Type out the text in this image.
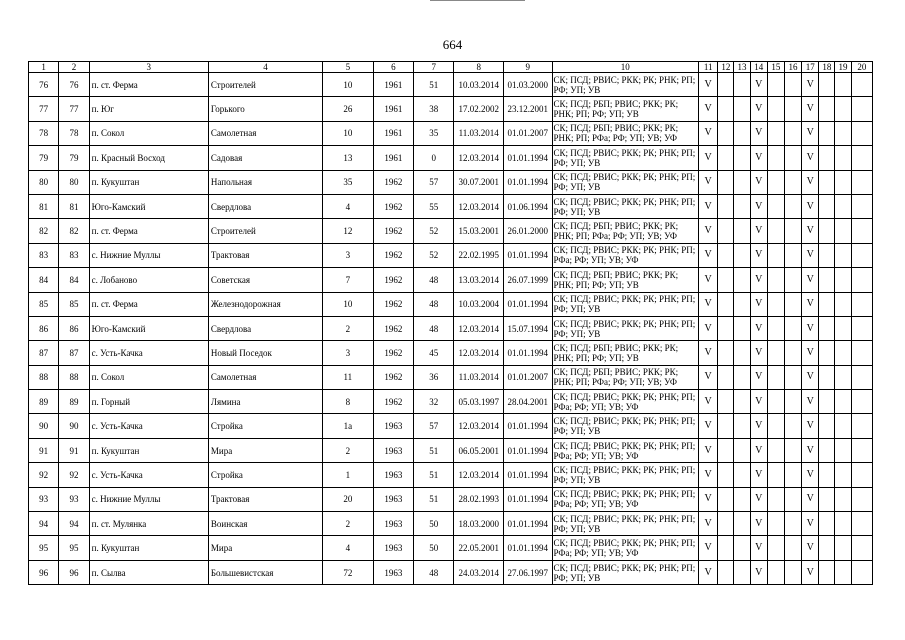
664
1	2	3	4	5	6	7	8	9	10	11	12	13	14	15	16	17	18	19	20
76	76	п. ст. Ферма	Строителей	10	1961	51	10.03.2014	01.03.2000	СК; ПСД; РВИС; РКК; РК; РНК; РП; РФ; УП; УВ	V			V			V			
77	77	п. Юг	Горького	26	1961	38	17.02.2002	23.12.2001	СК; ПСД; РБП; РВИС; РКК; РК; РНК; РП; РФ; УП; УВ	V			V			V			
78	78	п. Сокол	Самолетная	10	1961	35	11.03.2014	01.01.2007	СК; ПСД; РБП; РВИС; РКК; РК; РНК; РП; РФа; РФ; УП; УВ; УФ	V			V			V			
79	79	п. Красный Восход	Садовая	13	1961	0	12.03.2014	01.01.1994	СК; ПСД; РВИС; РКК; РК; РНК; РП; РФ; УП; УВ	V			V			V			
80	80	п. Кукуштан	Напольная	35	1962	57	30.07.2001	01.01.1994	СК; ПСД; РВИС; РКК; РК; РНК; РП; РФ; УП; УВ	V			V			V			
81	81	Юго-Камский	Свердлова	4	1962	55	12.03.2014	01.06.1994	СК; ПСД; РВИС; РКК; РК; РНК; РП; РФ; УП; УВ	V			V			V			
82	82	п. ст. Ферма	Строителей	12	1962	52	15.03.2001	26.01.2000	СК; ПСД; РБП; РВИС; РКК; РК; РНК; РП; РФа; РФ; УП; УВ; УФ	V			V			V			
83	83	с. Нижние Муллы	Трактовая	3	1962	52	22.02.1995	01.01.1994	СК; ПСД; РВИС; РКК; РК; РНК; РП; РФа; РФ; УП; УВ; УФ	V			V			V			
84	84	с. Лобаново	Советская	7	1962	48	13.03.2014	26.07.1999	СК; ПСД; РБП; РВИС; РКК; РК; РНК; РП; РФ; УП; УВ	V			V			V			
85	85	п. ст. Ферма	Железнодорожная	10	1962	48	10.03.2004	01.01.1994	СК; ПСД; РВИС; РКК; РК; РНК; РП; РФ; УП; УВ	V			V			V			
86	86	Юго-Камский	Свердлова	2	1962	48	12.03.2014	15.07.1994	СК; ПСД; РВИС; РКК; РК; РНК; РП; РФ; УП; УВ	V			V			V			
87	87	с. Усть-Качка	Новый Поседок	3	1962	45	12.03.2014	01.01.1994	СК; ПСД; РБП; РВИС; РКК; РК; РНК; РП; РФ; УП; УВ	V			V			V			
88	88	п. Сокол	Самолетная	11	1962	36	11.03.2014	01.01.2007	СК; ПСД; РБП; РВИС; РКК; РК; РНК; РП; РФа; РФ; УП; УВ; УФ	V			V			V			
89	89	п. Горный	Лямина	8	1962	32	05.03.1997	28.04.2001	СК; ПСД; РВИС; РКК; РК; РНК; РП; РФа; РФ; УП; УВ; УФ	V			V			V			
90	90	с. Усть-Качка	Стройка	1а	1963	57	12.03.2014	01.01.1994	СК; ПСД; РВИС; РКК; РК; РНК; РП; РФ; УП; УВ	V			V			V			
91	91	п. Кукуштан	Мира	2	1963	51	06.05.2001	01.01.1994	СК; ПСД; РВИС; РКК; РК; РНК; РП; РФа; РФ; УП; УВ; УФ	V			V			V			
92	92	с. Усть-Качка	Стройка	1	1963	51	12.03.2014	01.01.1994	СК; ПСД; РВИС; РКК; РК; РНК; РП; РФ; УП; УВ	V			V			V			
93	93	с. Нижние Муллы	Трактовая	20	1963	51	28.02.1993	01.01.1994	СК; ПСД; РВИС; РКК; РК; РНК; РП; РФа; РФ; УП; УВ; УФ	V			V			V			
94	94	п. ст. Мулянка	Воинская	2	1963	50	18.03.2000	01.01.1994	СК; ПСД; РВИС; РКК; РК; РНК; РП; РФ; УП; УВ	V			V			V			
95	95	п. Кукуштан	Мира	4	1963	50	22.05.2001	01.01.1994	СК; ПСД; РВИС; РКК; РК; РНК; РП; РФа; РФ; УП; УВ; УФ	V			V			V			
96	96	п. Сылва	Большевистская	72	1963	48	24.03.2014	27.06.1997	СК; ПСД; РВИС; РКК; РК; РНК; РП; РФ; УП; УВ	V			V			V			
